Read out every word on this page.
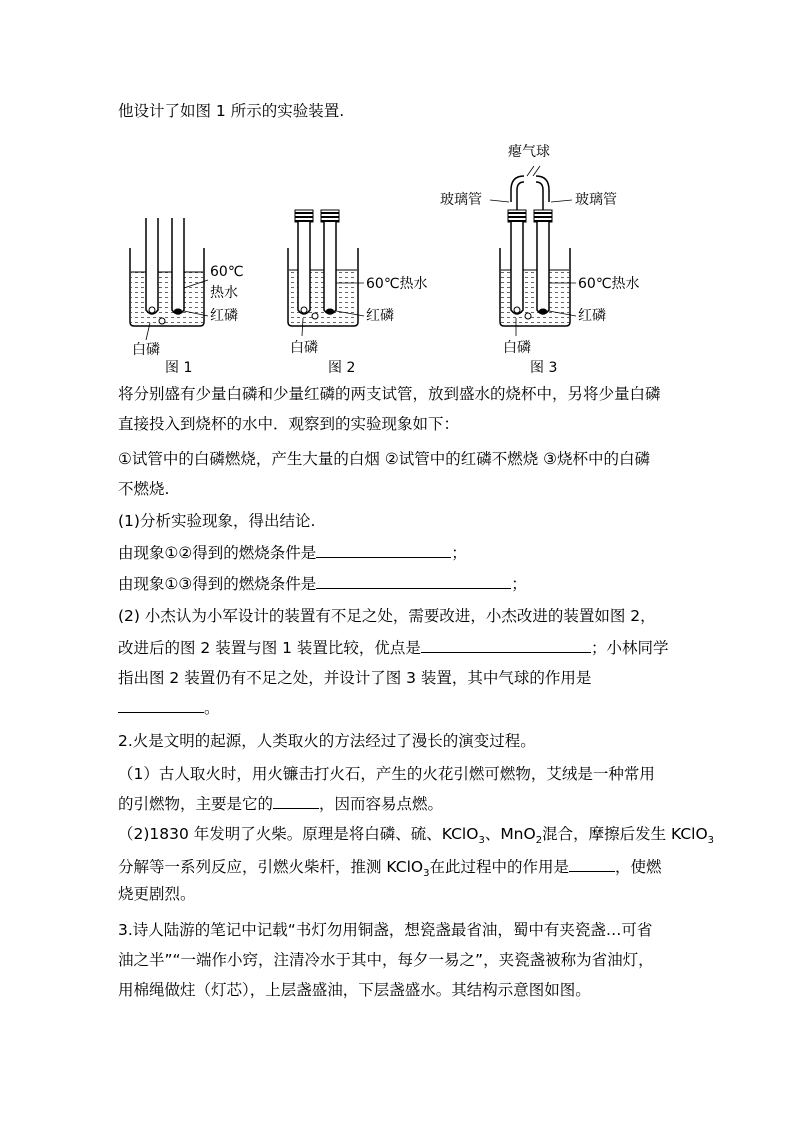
他设计了如图 1 所示的实验装置.
60℃
热水
红磷
白磷
图 1
60℃热水
红磷
白磷
图 2
瘪气球
玻璃管	玻璃管
60℃热水
红磷
白磷
图 3
将分别盛有少量白磷和少量红磷的两支试管，放到盛水的烧杯中，另将少量白磷
直接投入到烧杯的水中．观察到的实验现象如下：
①试管中的白磷燃烧，产生大量的白烟 ②试管中的红磷不燃烧 ③烧杯中的白磷
不燃烧.
(1)分析实验现象，得出结论.
由现象①②得到的燃烧条件是	；
由现象①③得到的燃烧条件是	；
(2) 小杰认为小军设计的装置有不足之处，需要改进，小杰改进的装置如图 2，
改进后的图 2 装置与图 1 装置比较，优点是	；小林同学
指出图 2 装置仍有不足之处，并设计了图 3 装置，其中气球的作用是
。
2.火是文明的起源，人类取火的方法经过了漫长的演变过程。
（1）古人取火时，用火镰击打火石，产生的火花引燃可燃物，艾绒是一种常用
的引燃物，主要是它的	，因而容易点燃。
（2)1830 年发明了火柴。原理是将白磷、硫、KClO$_3$、MnO$_2$混合，摩擦后发生 KClO$_3$
分解等一系列反应，引燃火柴杆，推测 KClO$_3$在此过程中的作用是	，使燃
烧更剧烈。
3.诗人陆游的笔记中记载“书灯勿用铜盏，想瓷盏最省油，蜀中有夹瓷盏…可省
油之半”“一端作小窍，注清冷水于其中，每夕一易之”，夹瓷盏被称为省油灯，
用棉绳做炷（灯芯），上层盏盛油，下层盏盛水。其结构示意图如图。
